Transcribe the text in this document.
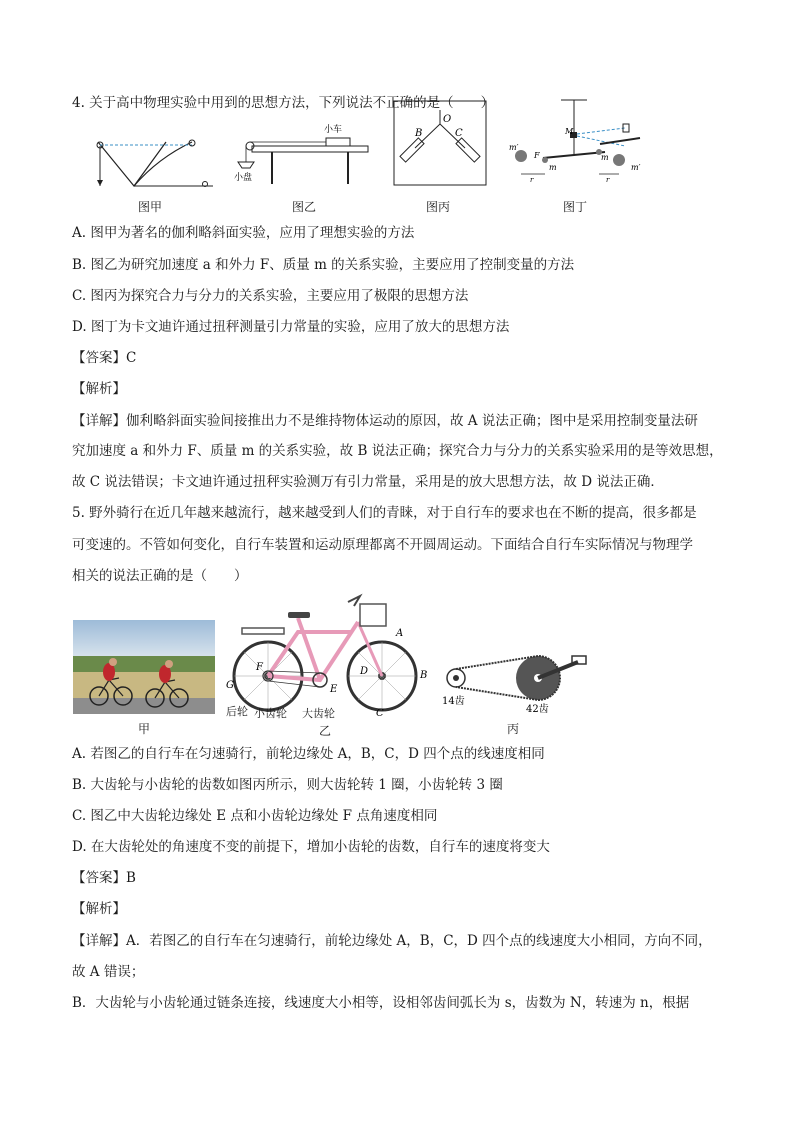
4. 关于高中物理实验中用到的思想方法，下列说法不正确的是（　　）
图甲
小车
小盘
图乙
B
O
C
图丙
m′
F
m
M
m
m′
r	r
图丁
A. 图甲为著名的伽利略斜面实验，应用了理想实验的方法
B. 图乙为研究加速度 a 和外力 F、质量 m 的关系实验，主要应用了控制变量的方法
C. 图丙为探究合力与分力的关系实验，主要应用了极限的思想方法
D. 图丁为卡文迪许通过扭秤测量引力常量的实验，应用了放大的思想方法
【答案】C
【解析】
【详解】伽利略斜面实验间接推出力不是维持物体运动的原因，故 A 说法正确；图中是采用控制变量法研
究加速度 a 和外力 F、质量 m 的关系实验，故 B 说法正确；探究合力与分力的关系实验采用的是等效思想，
故 C 说法错误；卡文迪许通过扭秤实验测万有引力常量，采用是的放大思想方法，故 D 说法正确．
5. 野外骑行在近几年越来越流行，越来越受到人们的青睐，对于自行车的要求也在不断的提高，很多都是
可变速的。不管如何变化，自行车装置和运动原理都离不开圆周运动。下面结合自行车实际情况与物理学
相关的说法正确的是（　　）
甲
A
B
C
D
E
F
G
后轮 小齿轮 大齿轮
乙
14齿
42齿
丙
A. 若图乙的自行车在匀速骑行，前轮边缘处 A，B，C，D 四个点的线速度相同
B. 大齿轮与小齿轮的齿数如图丙所示，则大齿轮转 1 圈，小齿轮转 3 圈
C. 图乙中大齿轮边缘处 E 点和小齿轮边缘处 F 点角速度相同
D. 在大齿轮处的角速度不变的前提下，增加小齿轮的齿数，自行车的速度将变大
【答案】B
【解析】
【详解】A．若图乙的自行车在匀速骑行，前轮边缘处 A，B，C，D 四个点的线速度大小相同，方向不同，
故 A 错误；
B．大齿轮与小齿轮通过链条连接，线速度大小相等，设相邻齿间弧长为 s，齿数为 N，转速为 n，根据
